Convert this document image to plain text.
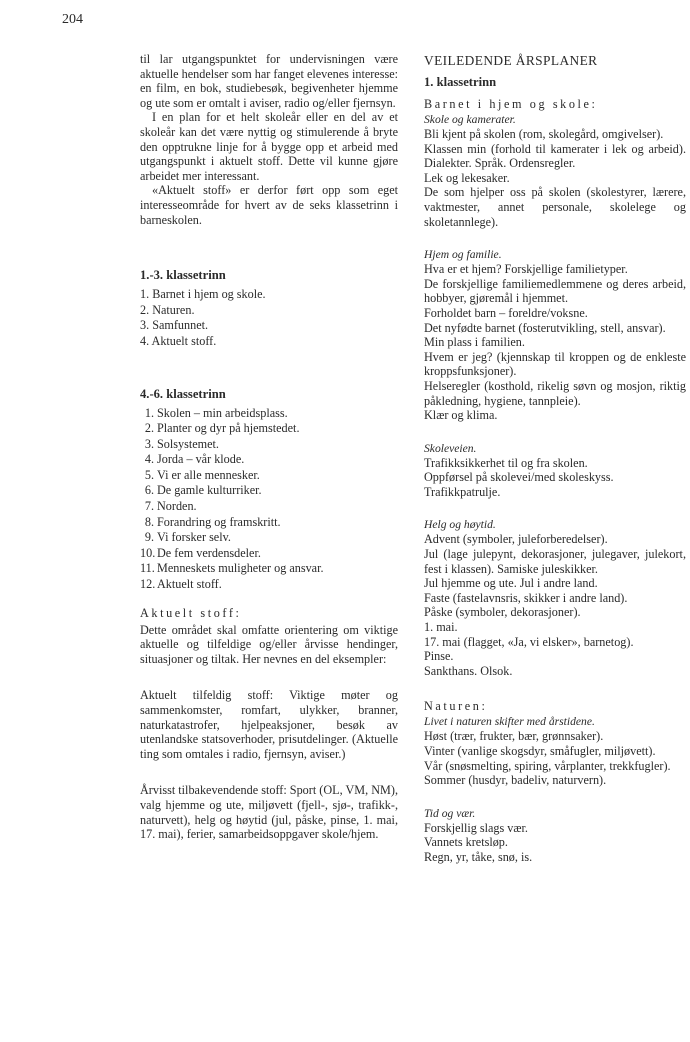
204

til lar utgangspunktet for undervisningen være aktuelle hendelser som har fanget elevenes interesse: en film, en bok, studiebesøk, begivenheter hjemme og ute som er omtalt i aviser, radio og/eller fjernsyn.

I en plan for et helt skoleår eller en del av et skoleår kan det være nyttig og stimulerende å bryte den opptrukne linje for å bygge opp et arbeid med utgangspunkt i aktuelt stoff. Dette vil kunne gjøre arbeidet mer interessant.

«Aktuelt stoff» er derfor ført opp som eget interesseområde for hvert av de seks klassetrinn i barneskolen.

1.-3. klassetrinn

1. Barnet i hjem og skole.
2. Naturen.
3. Samfunnet.
4. Aktuelt stoff.

4.-6. klassetrinn

1. Skolen – min arbeidsplass.
2. Planter og dyr på hjemstedet.
3. Solsystemet.
4. Jorda – vår klode.
5. Vi er alle mennesker.
6. De gamle kulturriker.
7. Norden.
8. Forandring og framskritt.
9. Vi forsker selv.
10. De fem verdensdeler.
11. Menneskets muligheter og ansvar.
12. Aktuelt stoff.

Aktuelt stoff:

Dette området skal omfatte orientering om viktige aktuelle og tilfeldige og/eller årvisse hendinger, situasjoner og tiltak. Her nevnes en del eksempler:

Aktuelt tilfeldig stoff: Viktige møter og sammenkomster, romfart, ulykker, branner, naturkatastrofer, hjelpeaksjoner, besøk av utenlandske statsoverhoder, prisutdelinger. (Aktuelle ting som omtales i radio, fjernsyn, aviser.)

Årvisst tilbakevendende stoff: Sport (OL, VM, NM), valg hjemme og ute, miljøvett (fjell-, sjø-, trafikk-, naturvett), helg og høytid (jul, påske, pinse, 1. mai, 17. mai), ferier, samarbeidsoppgaver skole/hjem.

VEILEDENDE ÅRSPLANER

1. klassetrinn

Barnet i hjem og skole:

Skole og kamerater.

Bli kjent på skolen (rom, skolegård, omgivelser).

Klassen min (forhold til kamerater i lek og arbeid). Dialekter. Språk. Ordensregler.

Lek og lekesaker.

De som hjelper oss på skolen (skolestyrer, lærere, vaktmester, annet personale, skolelege og skoletannlege).

Hjem og familie.

Hva er et hjem? Forskjellige familietyper.

De forskjellige familiemedlemmene og deres arbeid, hobbyer, gjøremål i hjemmet.

Forholdet barn – foreldre/voksne.

Det nyfødte barnet (fosterutvikling, stell, ansvar).

Min plass i familien.

Hvem er jeg? (kjennskap til kroppen og de enkleste kroppsfunksjoner).

Helseregler (kosthold, rikelig søvn og mosjon, riktig påkledning, hygiene, tannpleie).

Klær og klima.

Skoleveien.

Trafikksikkerhet til og fra skolen.

Oppførsel på skolevei/med skoleskyss.

Trafikkpatrulje.

Helg og høytid.

Advent (symboler, juleforberedelser).

Jul (lage julepynt, dekorasjoner, julegaver, julekort, fest i klassen). Samiske juleskikker.

Jul hjemme og ute. Jul i andre land.

Faste (fastelavnsris, skikker i andre land).

Påske (symboler, dekorasjoner).

1. mai.

17. mai (flagget, «Ja, vi elsker», barnetog).

Pinse.

Sankthans. Olsok.

Naturen:

Livet i naturen skifter med årstidene.

Høst (trær, frukter, bær, grønnsaker).

Vinter (vanlige skogsdyr, småfugler, miljøvett).

Vår (snøsmelting, spiring, vårplanter, trekkfugler).

Sommer (husdyr, badeliv, naturvern).

Tid og vær.

Forskjellig slags vær.

Vannets kretsløp.

Regn, yr, tåke, snø, is.
